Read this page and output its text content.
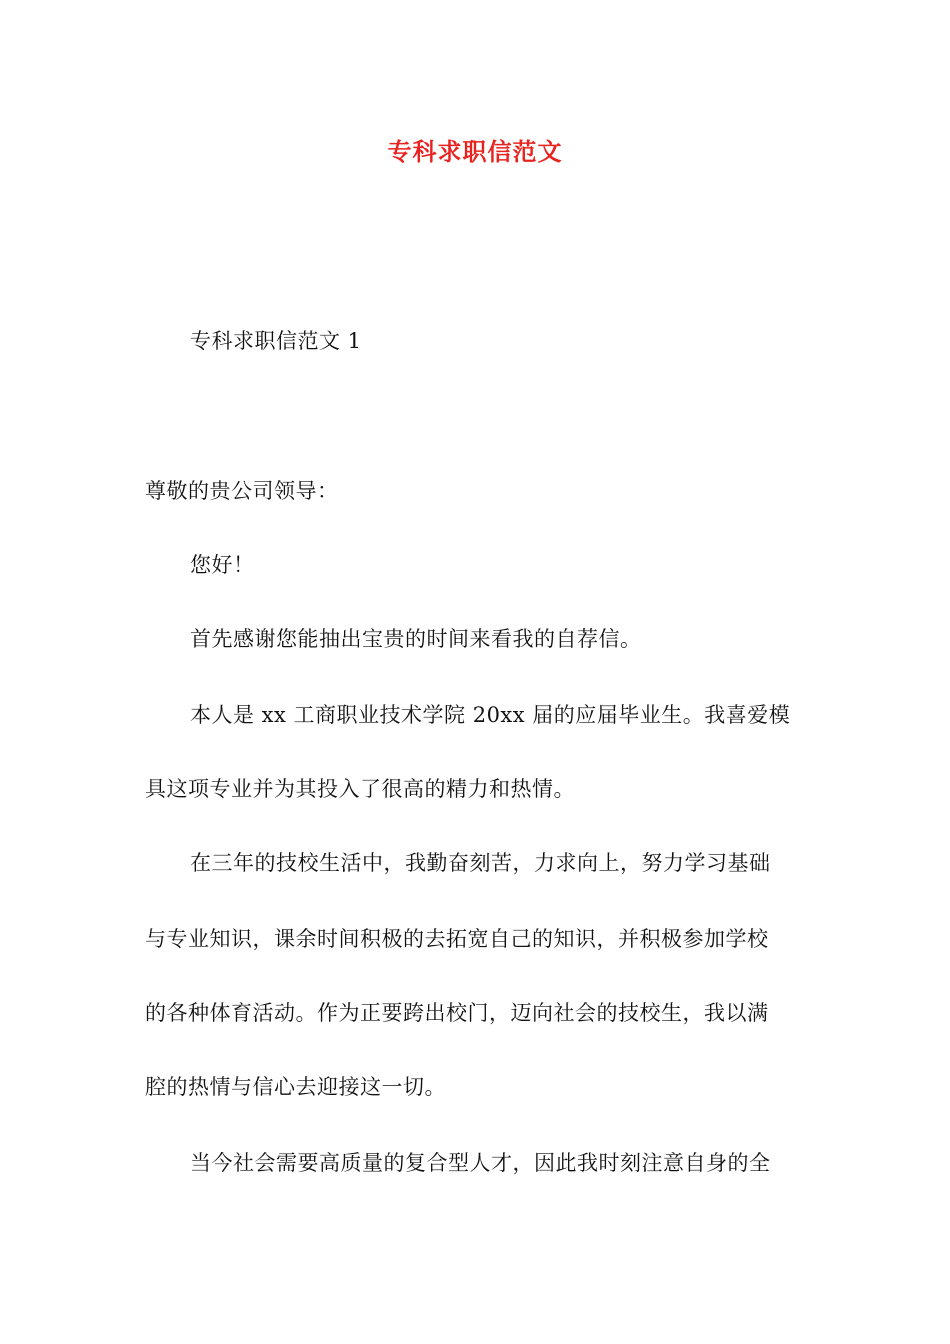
专科求职信范文
专科求职信范文 1
尊敬的贵公司领导：
您好！
首先感谢您能抽出宝贵的时间来看我的自荐信。
本人是 xx 工商职业技术学院 20xx 届的应届毕业生。我喜爱模
具这项专业并为其投入了很高的精力和热情。
在三年的技校生活中，我勤奋刻苦，力求向上，努力学习基础
与专业知识，课余时间积极的去拓宽自己的知识，并积极参加学校
的各种体育活动。作为正要跨出校门，迈向社会的技校生，我以满
腔的热情与信心去迎接这一切。
当今社会需要高质量的复合型人才，因此我时刻注意自身的全
